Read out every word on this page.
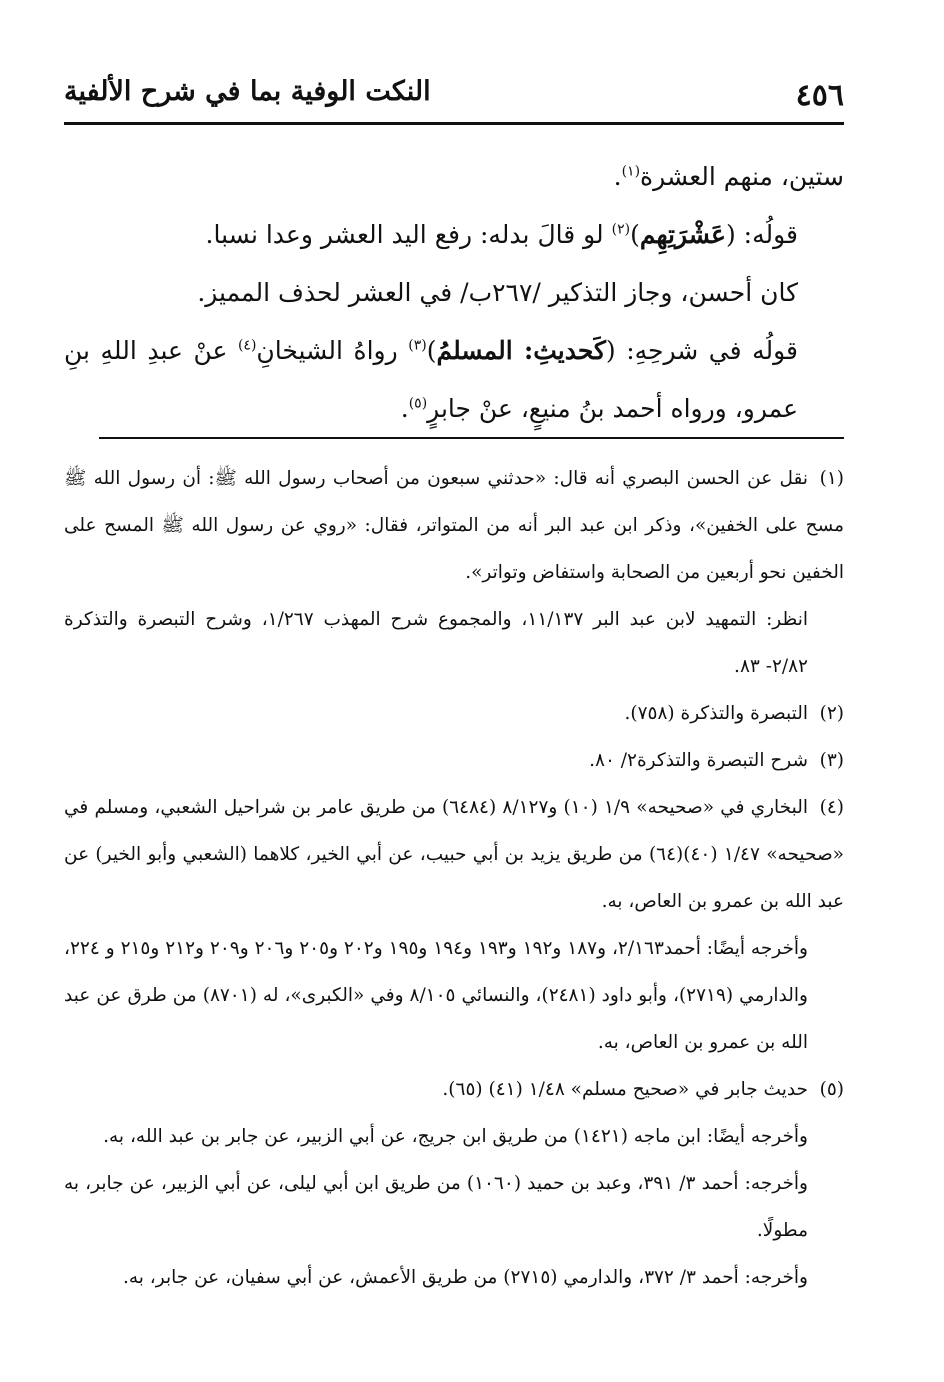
٤٥٦
النكت الوفية بما في شرح الألفية

ستين، منهم العشرة$^{(١)}$.

قولُه: (عَشْرَتِهِم)$^{(٢)}$ لو قالَ بدله: رفع اليد العشر وعدا نسبا.

كان أحسن، وجاز التذكير /٢٦٧ب/ في العشر لحذف المميز.

قولُه في شرحِهِ: (كَحديثِ: المسلمُ)$^{(٣)}$ رواهُ الشيخانِ$^{(٤)}$ عنْ عبدِ اللهِ بنِ عمرو، ورواه أحمد بنُ منيعٍ، عنْ جابرٍ$^{(٥)}$.

(١)نقل عن الحسن البصري أنه قال: «حدثني سبعون من أصحاب رسول الله ﷺ: أن رسول الله ﷺ مسح على الخفين»، وذكر ابن عبد البر أنه من المتواتر، فقال: «روي عن رسول الله ﷺ المسح على الخفين نحو أربعين من الصحابة واستفاض وتواتر».

انظر: التمهيد لابن عبد البر ١١/١٣٧، والمجموع شرح المهذب ١/٢٦٧، وشرح التبصرة والتذكرة ٢/٨٢- ٨٣.

(٢)التبصرة والتذكرة (٧٥٨).

(٣)شرح التبصرة والتذكرة٢/ ٨٠.

(٤)البخاري في «صحيحه» ١/٩ (١٠) و٨/١٢٧ (٦٤٨٤) من طريق عامر بن شراحيل الشعبي، ومسلم في «صحيحه» ١/٤٧ (٤٠)(٦٤) من طريق يزيد بن أبي حبيب، عن أبي الخير، كلاهما (الشعبي وأبو الخير) عن عبد الله بن عمرو بن العاص، به.

وأخرجه أيضًا: أحمد٢/١٦٣، و١٨٧ و١٩٢ و١٩٣ و١٩٤ و١٩٥ و٢٠٢ و٢٠٥ و٢٠٦ و٢٠٩ و٢١٢ و٢١٥ و ٢٢٤، والدارمي (٢٧١٩)، وأبو داود (٢٤٨١)، والنسائي ٨/١٠٥ وفي «الكبرى»، له (٨٧٠١) من طرق عن عبد الله بن عمرو بن العاص، به.

(٥)حديث جابر في «صحيح مسلم» ١/٤٨ (٤١) (٦٥).

وأخرجه أيضًا: ابن ماجه (١٤٢١) من طريق ابن جريج، عن أبي الزبير، عن جابر بن عبد الله، به.

وأخرجه: أحمد ٣/ ٣٩١، وعبد بن حميد (١٠٦٠) من طريق ابن أبي ليلى، عن أبي الزبير، عن جابر، به مطولًا.

وأخرجه: أحمد ٣/ ٣٧٢، والدارمي (٢٧١٥) من طريق الأعمش، عن أبي سفيان، عن جابر، به.
